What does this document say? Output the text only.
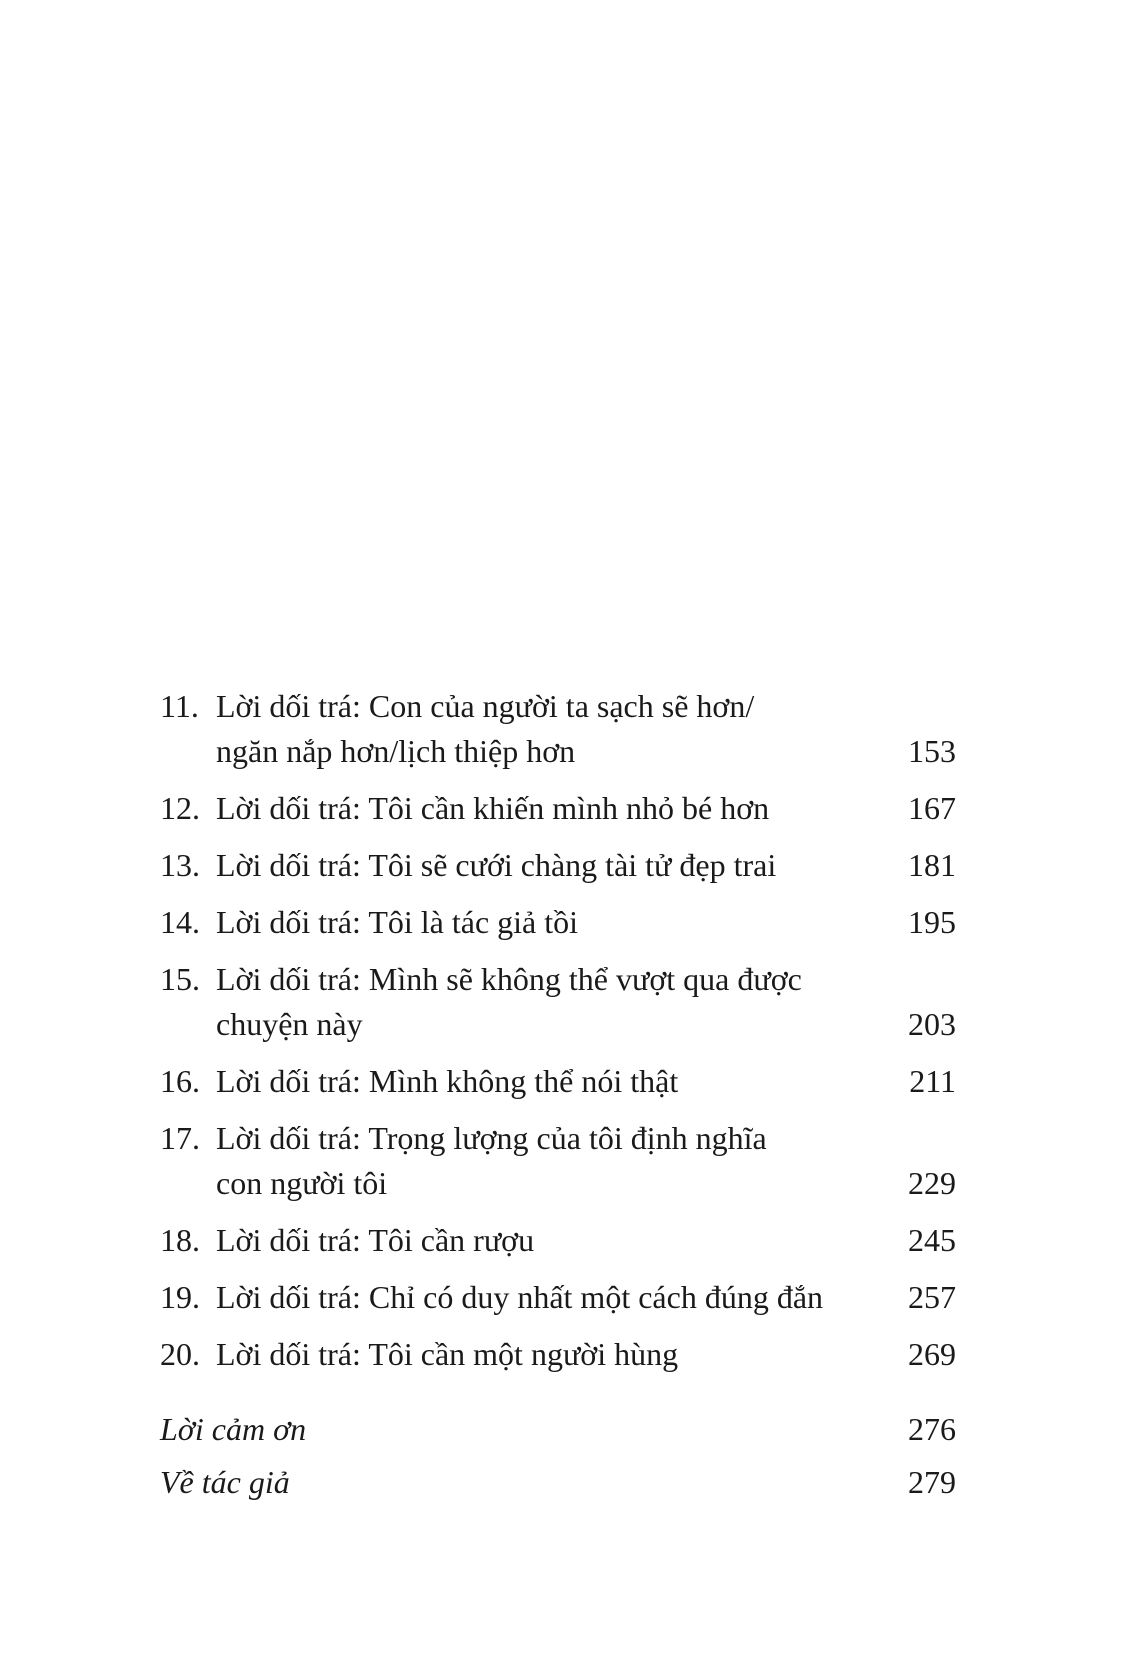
11. Lời dối trá: Con của người ta sạch sẽ hơn/
ngăn nắp hơn/lịch thiệp hơn	153
12. Lời dối trá: Tôi cần khiến mình nhỏ bé hơn	167
13. Lời dối trá: Tôi sẽ cưới chàng tài tử đẹp trai	181
14. Lời dối trá: Tôi là tác giả tồi	195
15. Lời dối trá: Mình sẽ không thể vượt qua được
chuyện này	203
16. Lời dối trá: Mình không thể nói thật	211
17. Lời dối trá: Trọng lượng của tôi định nghĩa
con người tôi	229
18. Lời dối trá: Tôi cần rượu	245
19. Lời dối trá: Chỉ có duy nhất một cách đúng đắn	257
20. Lời dối trá: Tôi cần một người hùng	269
Lời cảm ơn	276
Về tác giả	279
